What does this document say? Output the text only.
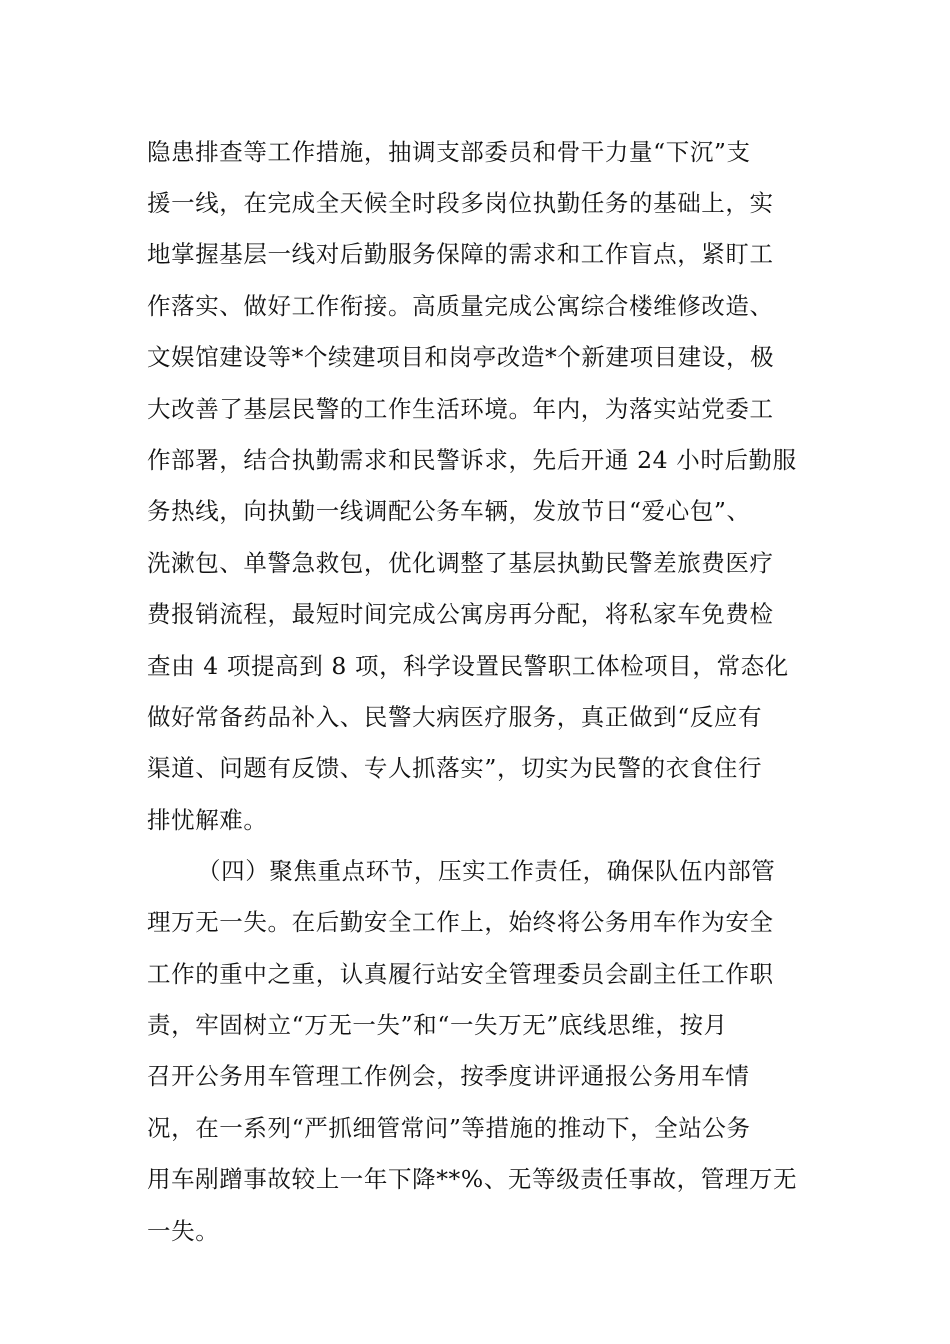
隐患排查等工作措施，抽调支部委员和骨干力量“下沉”支
援一线，在完成全天候全时段多岗位执勤任务的基础上，实
地掌握基层一线对后勤服务保障的需求和工作盲点，紧盯工
作落实、做好工作衔接。高质量完成公寓综合楼维修改造、
文娱馆建设等*个续建项目和岗亭改造*个新建项目建设，极
大改善了基层民警的工作生活环境。年内，为落实站党委工
作部署，结合执勤需求和民警诉求，先后开通 24 小时后勤服
务热线，向执勤一线调配公务车辆，发放节日“爱心包”、
洗漱包、单警急救包，优化调整了基层执勤民警差旅费医疗
费报销流程，最短时间完成公寓房再分配，将私家车免费检
查由 4 项提高到 8 项，科学设置民警职工体检项目，常态化
做好常备药品补入、民警大病医疗服务，真正做到“反应有
渠道、问题有反馈、专人抓落实”，切实为民警的衣食住行
排忧解难。
（四）聚焦重点环节，压实工作责任，确保队伍内部管
理万无一失。在后勤安全工作上，始终将公务用车作为安全
工作的重中之重，认真履行站安全管理委员会副主任工作职
责，牢固树立“万无一失”和“一失万无”底线思维，按月
召开公务用车管理工作例会，按季度讲评通报公务用车情
况，在一系列“严抓细管常问”等措施的推动下，全站公务
用车剐蹭事故较上一年下降**%、无等级责任事故，管理万无
一失。
